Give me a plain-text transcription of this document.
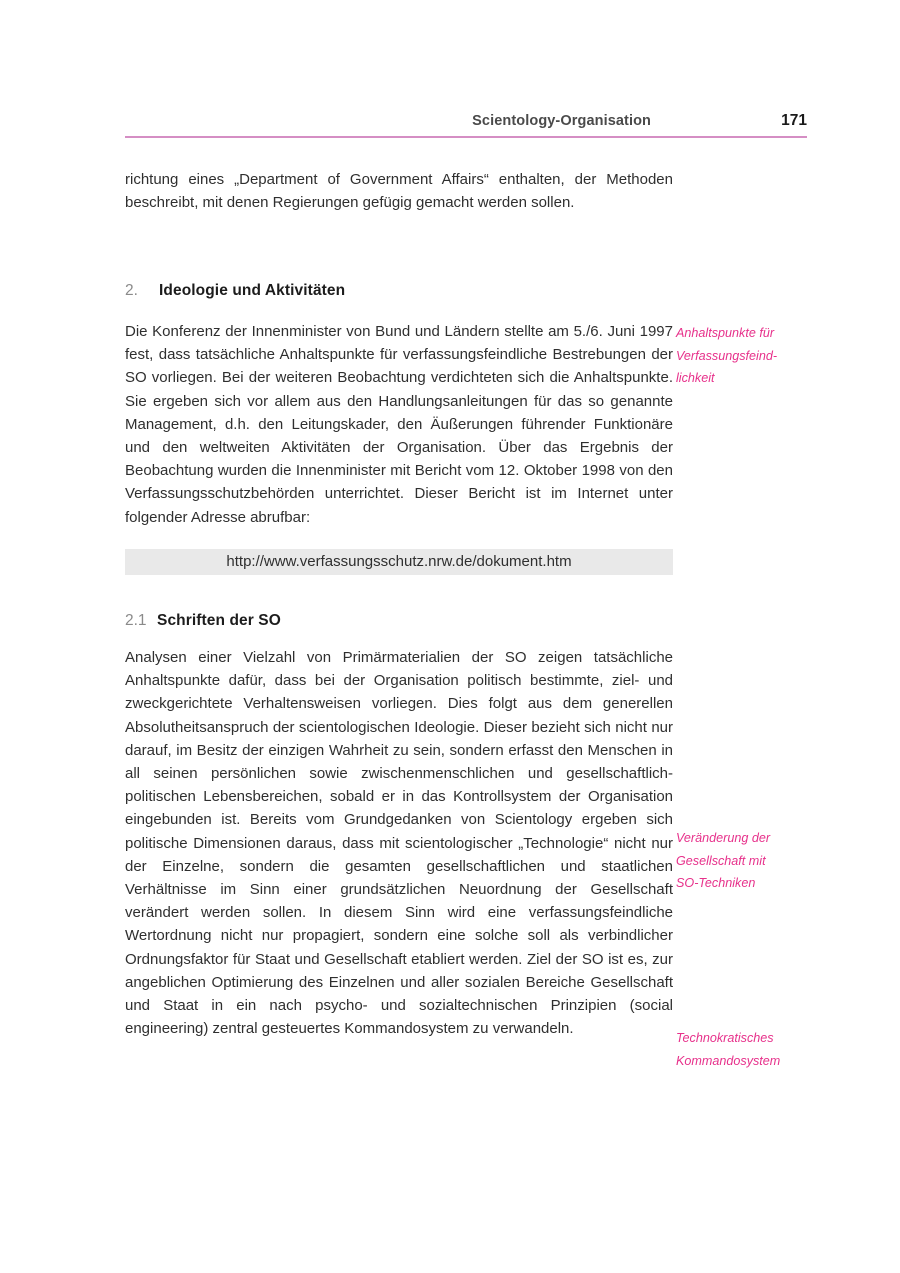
Scientology-Organisation	171

richtung eines „Department of Government Affairs“ enthalten, der Methoden beschreibt, mit denen Regierungen gefügig gemacht werden sollen.

2.	Ideologie und Aktivitäten

Die Konferenz der Innenminister von Bund und Ländern stellte am 5./6. Juni 1997 fest, dass tatsächliche Anhaltspunkte für verfassungsfeindliche Bestrebungen der SO vorliegen. Bei der weiteren Beobachtung verdichteten sich die Anhaltspunkte. Sie ergeben sich vor allem aus den Handlungsanleitungen für das so genannte Management, d.h. den Leitungskader, den Äußerungen führender Funktionäre und den weltweiten Aktivitäten der Organisation. Über das Ergebnis der Beobachtung wurden die Innenminister mit Bericht vom 12. Oktober 1998 von den Verfassungsschutzbehörden unterrichtet. Dieser Bericht ist im Internet unter folgender Adresse abrufbar:

http://www.verfassungsschutz.nrw.de/dokument.htm
2.1 Schriften der SO

Analysen einer Vielzahl von Primärmaterialien der SO zeigen tatsächliche Anhaltspunkte dafür, dass bei der Organisation politisch bestimmte, ziel- und zweckgerichtete Verhaltensweisen vorliegen. Dies folgt aus dem generellen Absolutheitsanspruch der scientologischen Ideologie. Dieser bezieht sich nicht nur darauf, im Besitz der einzigen Wahrheit zu sein, sondern erfasst den Menschen in all seinen persönlichen sowie zwischenmenschlichen und gesellschaftlich-politischen Lebensbereichen, sobald er in das Kontrollsystem der Organisation eingebunden ist. Bereits vom Grundgedanken von Scientology ergeben sich politische Dimensionen daraus, dass mit scientologischer „Technologie“ nicht nur der Einzelne, sondern die gesamten gesellschaftlichen und staatlichen Verhältnisse im Sinn einer grundsätzlichen Neuordnung der Gesellschaft verändert werden sollen. In diesem Sinn wird eine verfassungsfeindliche Wertordnung nicht nur propagiert, sondern eine solche soll als verbindlicher Ordnungsfaktor für Staat und Gesellschaft etabliert werden. Ziel der SO ist es, zur angeblichen Optimierung des Einzelnen und aller sozialen Bereiche Gesellschaft und Staat in ein nach psycho- und sozialtechnischen Prinzipien (social engineering) zentral gesteuertes Kommandosystem zu verwandeln.

Anhaltspunkte für
Verfassungsfeind-
lichkeit
Veränderung der
Gesellschaft mit
SO-Techniken
Technokratisches
Kommandosystem
